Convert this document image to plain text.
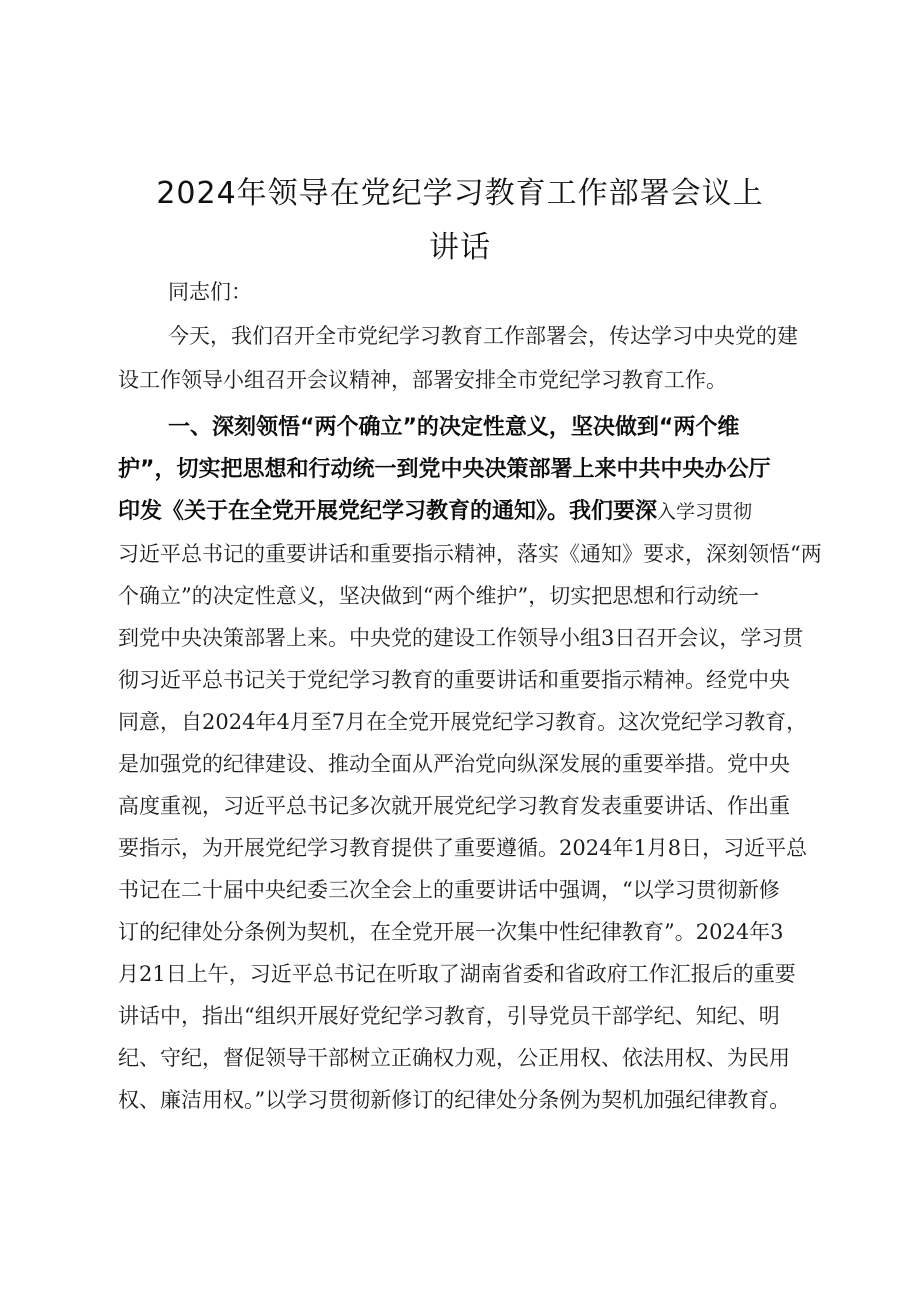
2024年领导在党纪学习教育工作部署会议上
讲话
同志们：
今天，我们召开全市党纪学习教育工作部署会，传达学习中央党的建
设工作领导小组召开会议精神，部署安排全市党纪学习教育工作。
一、深刻领悟“两个确立”的决定性意义，坚决做到“两个维
护”，切实把思想和行动统一到党中央决策部署上来中共中央办公厅
印发《关于在全党开展党纪学习教育的通知》。我们要深入学习贯彻
习近平总书记的重要讲话和重要指示精神，落实《通知》要求，深刻领悟“两
个确立”的决定性意义，坚决做到“两个维护”，切实把思想和行动统一
到党中央决策部署上来。中央党的建设工作领导小组3日召开会议，学习贯
彻习近平总书记关于党纪学习教育的重要讲话和重要指示精神。经党中央
同意，自2024年4月至7月在全党开展党纪学习教育。这次党纪学习教育，
是加强党的纪律建设、推动全面从严治党向纵深发展的重要举措。党中央
高度重视，习近平总书记多次就开展党纪学习教育发表重要讲话、作出重
要指示，为开展党纪学习教育提供了重要遵循。2024年1月8日，习近平总
书记在二十届中央纪委三次全会上的重要讲话中强调，“以学习贯彻新修
订的纪律处分条例为契机，在全党开展一次集中性纪律教育”。2024年3
月21日上午，习近平总书记在听取了湖南省委和省政府工作汇报后的重要
讲话中，指出“组织开展好党纪学习教育，引导党员干部学纪、知纪、明
纪、守纪，督促领导干部树立正确权力观，公正用权、依法用权、为民用
权、廉洁用权。”以学习贯彻新修订的纪律处分条例为契机加强纪律教育。
